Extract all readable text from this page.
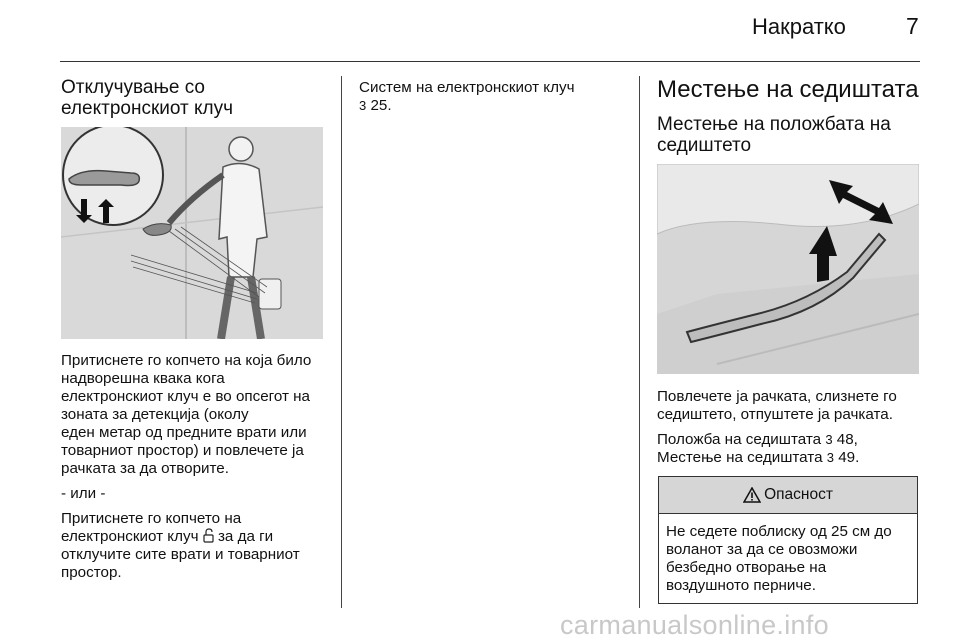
Накратко	7
Отклучување со
електронскиот клуч

Притиснете го копчето на која било
надворешна квака кога
електронскиот клуч е во опсегот на
зоната за детекција (околу
еден метар од предните врати или
товарниот простор) и повлечете ја
рачката за да отворите.

- или -

Притиснете го копчето на
електронскиот клуч  за да ги
отклучите сите врати и товарниот
простор.

Систем на електронскиот клуч
3 25.
Местење на седиштата
Местење на положбата на
седиштето

Повлечете ја рачката, слизнете го
седиштето, отпуштете ја рачката.

Положба на седиштата 3 48,
Местење на седиштата 3 49.

Опасност
Не седете поблиску од 25 см до
воланот за да се овозможи
безбедно отворање на
воздушното перниче.
carmanualsonline.info
